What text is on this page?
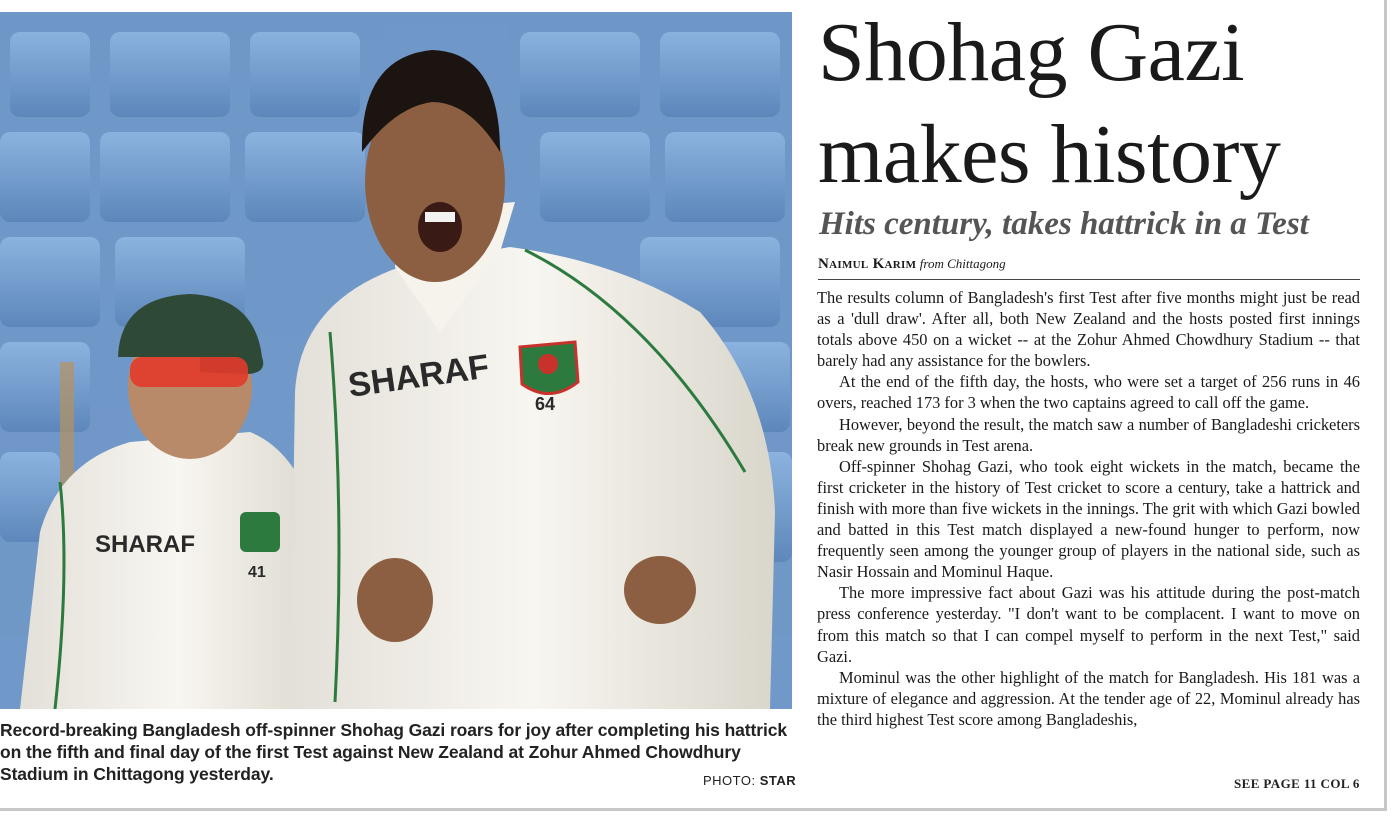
SHARAF
41
SHARAF 64
Record-breaking Bangladesh off-spinner Shohag Gazi roars for joy after completing his hattrick on the fifth and final day of the first Test against New Zealand at Zohur Ahmed Chowdhury Stadium in Chittagong yesterday.	PHOTO: STAR
Shohag Gazi
makes history
Hits century, takes hattrick in a Test
Naimul Karim from Chittagong

The results column of Bangladesh's first Test after five months might just be read as a 'dull draw'. After all, both New Zealand and the hosts posted first innings totals above 450 on a wicket -- at the Zohur Ahmed Chowdhury Stadium -- that barely had any assistance for the bowlers.

At the end of the fifth day, the hosts, who were set a target of 256 runs in 46 overs, reached 173 for 3 when the two captains agreed to call off the game.

However, beyond the result, the match saw a number of Bangladeshi cricketers break new grounds in Test arena.

Off-spinner Shohag Gazi, who took eight wickets in the match, became the first cricketer in the history of Test cricket to score a century, take a hattrick and finish with more than five wickets in the innings. The grit with which Gazi bowled and batted in this Test match displayed a new-found hunger to perform, now frequently seen among the younger group of players in the national side, such as Nasir Hossain and Mominul Haque.

The more impressive fact about Gazi was his attitude during the post-match press conference yesterday. "I don't want to be complacent. I want to move on from this match so that I can compel myself to perform in the next Test," said Gazi.

Mominul was the other highlight of the match for Bangladesh. His 181 was a mixture of elegance and aggression. At the tender age of 22, Mominul already has the third highest Test score among Bangladeshis,

SEE PAGE 11 COL 6
